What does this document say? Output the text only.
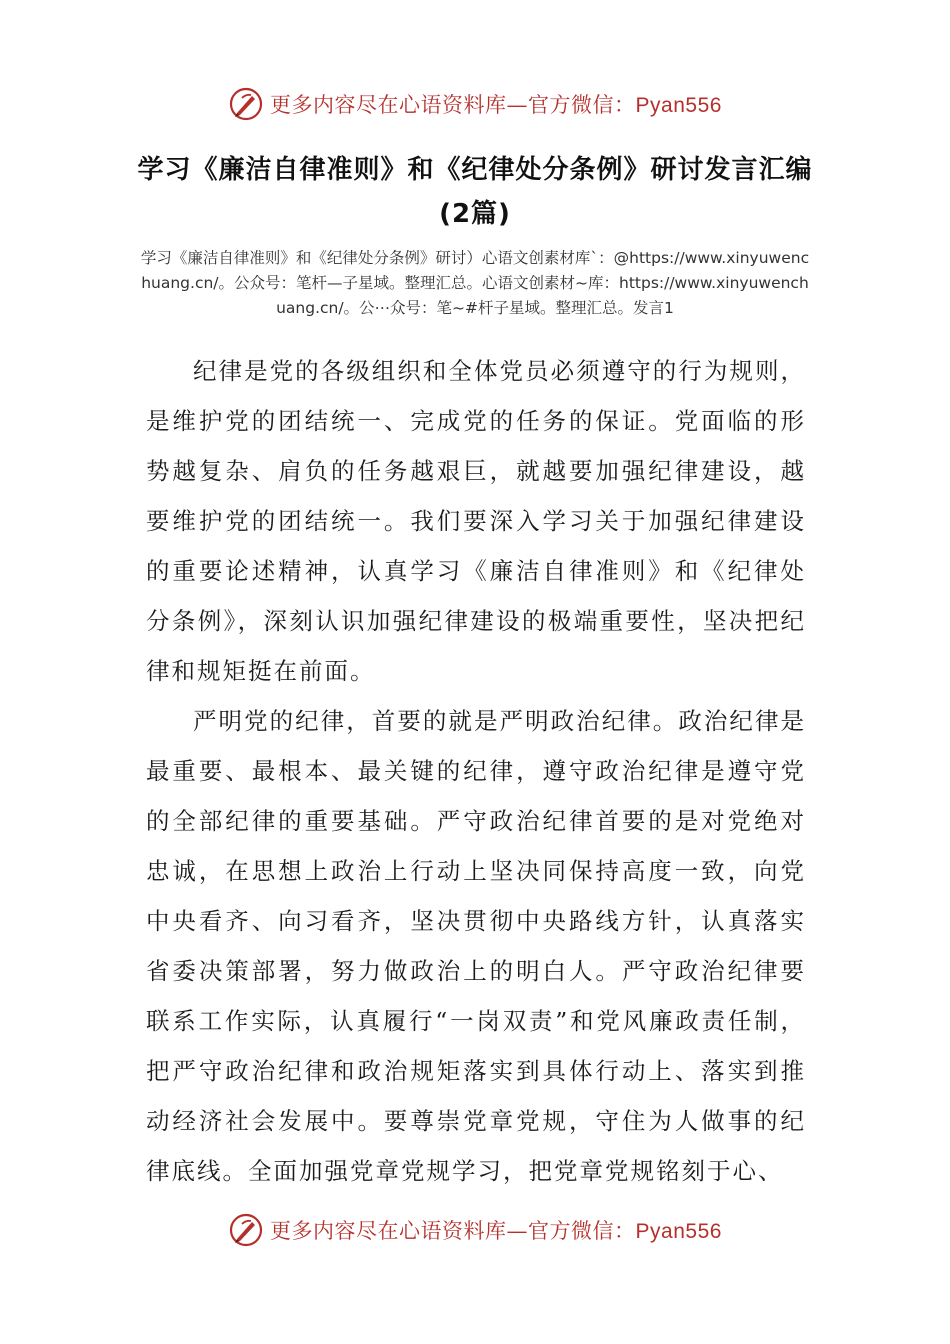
更多内容尽在心语资料库—官方微信：Pyan556
学习《廉洁自律准则》和《纪律处分条例》研讨发言汇编
(2篇)
学习《廉洁自律准则》和《纪律处分条例》研讨）心语文创素材库`：@https://www.xinyuwenchuang.cn/。公众号：笔杆—子星域。整理汇总。心语文创素材~库：https://www.xinyuwenchuang.cn/。公⋯众号：笔~#杆子星域。整理汇总。发言1

纪律是党的各级组织和全体党员必须遵守的行为规则，是维护党的团结统一、完成党的任务的保证。党面临的形势越复杂、肩负的任务越艰巨，就越要加强纪律建设，越要维护党的团结统一。我们要深入学习关于加强纪律建设的重要论述精神，认真学习《廉洁自律准则》和《纪律处分条例》，深刻认识加强纪律建设的极端重要性，坚决把纪律和规矩挺在前面。

严明党的纪律，首要的就是严明政治纪律。政治纪律是最重要、最根本、最关键的纪律，遵守政治纪律是遵守党的全部纪律的重要基础。严守政治纪律首要的是对党绝对忠诚，在思想上政治上行动上坚决同保持高度一致，向党中央看齐、向习看齐，坚决贯彻中央路线方针，认真落实省委决策部署，努力做政治上的明白人。严守政治纪律要联系工作实际，认真履行“一岗双责”和党风廉政责任制，把严守政治纪律和政治规矩落实到具体行动上、落实到推动经济社会发展中。要尊崇党章党规，守住为人做事的纪律底线。全面加强党章党规学习，把党章党规铭刻于心、

更多内容尽在心语资料库—官方微信：Pyan556
